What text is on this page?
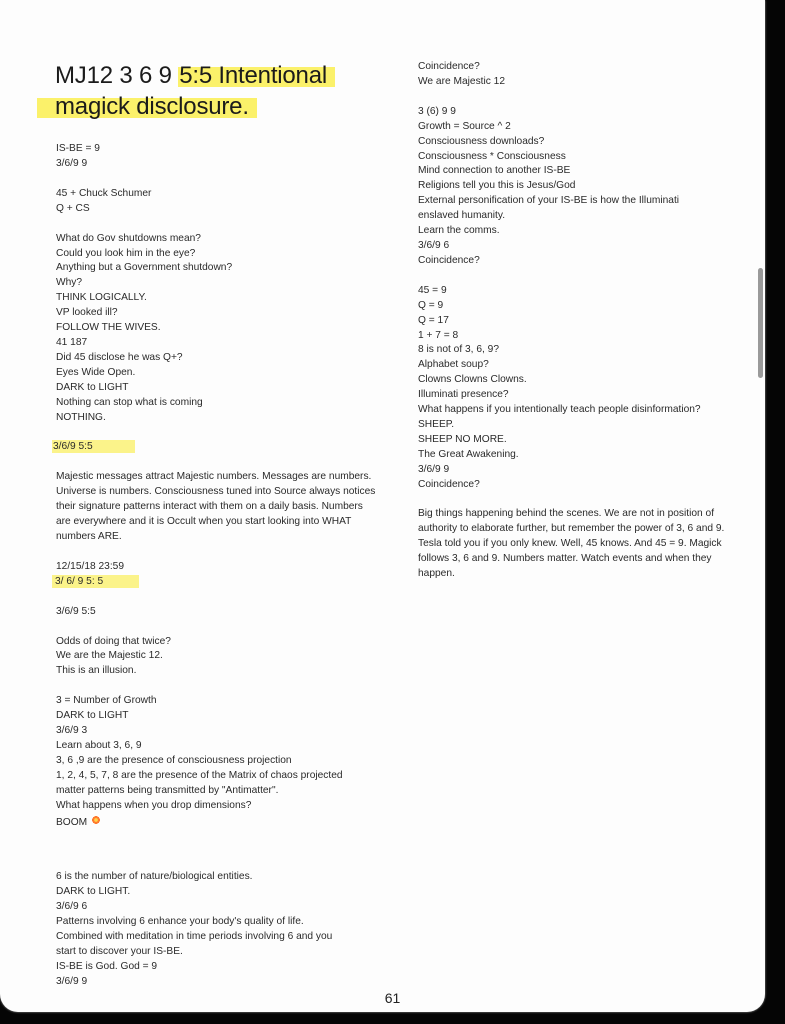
MJ12 3 6 9 5:5 Intentional
magick disclosure.
IS-BE = 9
3/6/9 9
45 + Chuck Schumer
Q + CS
What do Gov shutdowns mean?
Could you look him in the eye?
Anything but a Government shutdown?
Why?
THINK LOGICALLY.
VP looked ill?
FOLLOW THE WIVES.
41 187
Did 45 disclose he was Q+?
Eyes Wide Open.
DARK to LIGHT
Nothing can stop what is coming
NOTHING.
3/6/9 5:5
Majestic messages attract Majestic numbers. Messages are numbers. Universe is numbers. Consciousness tuned into Source always notices their signature patterns interact with them on a daily basis. Numbers are everywhere and it is Occult when you start looking into WHAT numbers ARE.
12/15/18 23:59
3/ 6/ 9 5: 5
3/6/9 5:5
Odds of doing that twice?
We are the Majestic 12.
This is an illusion.
3 = Number of Growth
DARK to LIGHT
3/6/9 3
Learn about 3, 6, 9
3, 6 ,9 are the presence of consciousness projection
1, 2, 4, 5, 7, 8 are the presence of the Matrix of chaos projected
matter patterns being transmitted by "Antimatter".
What happens when you drop dimensions?
BOOM
6 is the number of nature/biological entities.
DARK to LIGHT.
3/6/9 6
Patterns involving 6 enhance your body's quality of life.
Combined with meditation in time periods involving 6 and you
start to discover your IS-BE.
IS-BE is God. God = 9
3/6/9 9
Coincidence?
We are Majestic 12
3 (6) 9 9
Growth = Source ^ 2
Consciousness downloads?
Consciousness * Consciousness
Mind connection to another IS-BE
Religions tell you this is Jesus/God
External personification of your IS-BE is how the Illuminati
enslaved humanity.
Learn the comms.
3/6/9 6
Coincidence?
45 = 9
Q = 9
Q = 17
1 + 7 = 8
8 is not of 3, 6, 9?
Alphabet soup?
Clowns Clowns Clowns.
Illuminati presence?
What happens if you intentionally teach people disinformation?
SHEEP.
SHEEP NO MORE.
The Great Awakening.
3/6/9 9
Coincidence?
Big things happening behind the scenes. We are not in position of authority to elaborate further, but remember the power of 3, 6 and 9. Tesla told you if you only knew. Well, 45 knows. And 45 = 9. Magick follows 3, 6 and 9. Numbers matter. Watch events and when they happen.
61
